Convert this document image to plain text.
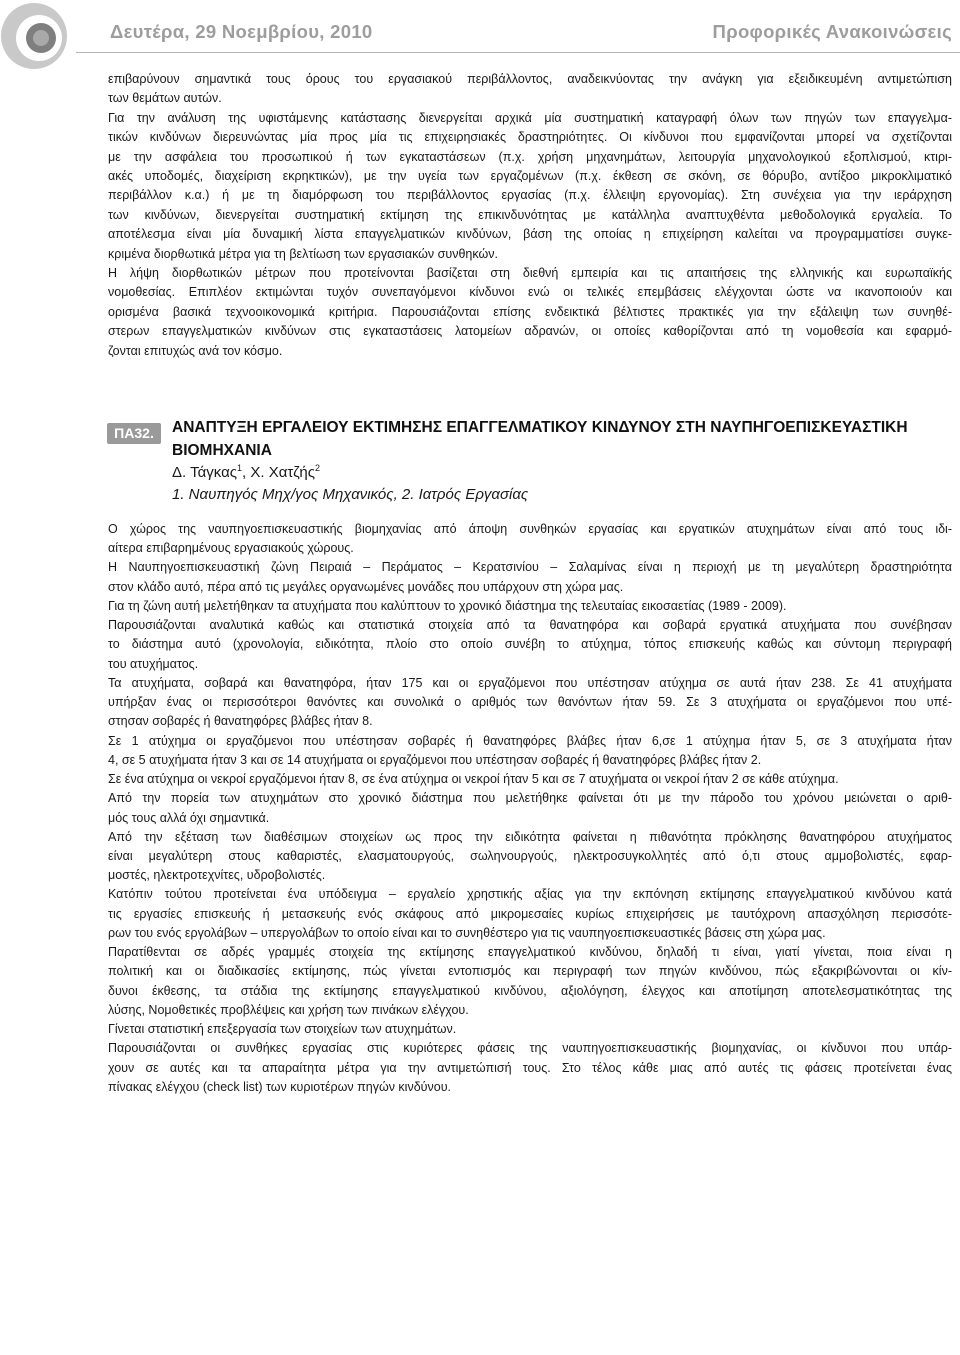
Δευτέρα, 29 Νοεμβρίου, 2010	Προφορικές Ανακοινώσεις
επιβαρύνουν σημαντικά τους όρους του εργασιακού περιβάλλοντος, αναδεικνύοντας την ανάγκη για εξειδικευμένη αντιμετώπιση
των θεμάτων αυτών.
Για την ανάλυση της υφιστάμενης κατάστασης διενεργείται αρχικά μία συστηματική καταγραφή όλων των πηγών των επαγγελμα-
τικών κινδύνων διερευνώντας μία προς μία τις επιχειρησιακές δραστηριότητες. Οι κίνδυνοι που εμφανίζονται μπορεί να σχετίζονται
με την ασφάλεια του προσωπικού ή των εγκαταστάσεων (π.χ. χρήση μηχανημάτων, λειτουργία μηχανολογικού εξοπλισμού, κτιρι-
ακές υποδομές, διαχείριση εκρηκτικών), με την υγεία των εργαζομένων (π.χ. έκθεση σε σκόνη, σε θόρυβο, αντίξοο μικροκλιματικό
περιβάλλον κ.α.) ή με τη διαμόρφωση του περιβάλλοντος εργασίας (π.χ. έλλειψη εργονομίας). Στη συνέχεια για την ιεράρχηση
των κινδύνων, διενεργείται συστηματική εκτίμηση της επικινδυνότητας με κατάλληλα αναπτυχθέντα μεθοδολογικά εργαλεία. Το
αποτέλεσμα είναι μία δυναμική λίστα επαγγελματικών κινδύνων, βάση της οποίας η επιχείρηση καλείται να προγραμματίσει συγκε-
κριμένα διορθωτικά μέτρα για τη βελτίωση των εργασιακών συνθηκών.
Η λήψη διορθωτικών μέτρων που προτείνονται βασίζεται στη διεθνή εμπειρία και τις απαιτήσεις της ελληνικής και ευρωπαϊκής
νομοθεσίας. Επιπλέον εκτιμώνται τυχόν συνεπαγόμενοι κίνδυνοι ενώ οι τελικές επεμβάσεις ελέγχονται ώστε να ικανοποιούν και
ορισμένα βασικά τεχνοοικονομικά κριτήρια. Παρουσιάζονται επίσης ενδεικτικά βέλτιστες πρακτικές για την εξάλειψη των συνηθέ-
στερων επαγγελματικών κινδύνων στις εγκαταστάσεις λατομείων αδρανών, οι οποίες καθορίζονται από τη νομοθεσία και εφαρμό-
ζονται επιτυχώς ανά τον κόσμο.
ΠΑ32.	ΑΝΑΠΤΥΞΗ ΕΡΓΑΛΕΙΟΥ ΕΚΤΙΜΗΣΗΣ ΕΠΑΓΓΕΛΜΑΤΙΚΟΥ ΚΙΝΔΥΝΟΥ ΣΤΗ ΝΑΥΠΗΓΟΕΠΙΣΚΕΥΑΣΤΙΚΗ ΒΙΟΜΗΧΑΝΙΑ
Δ. Τάγκας$^1$, Χ. Χατζής$^2$
1. Ναυπηγός Μηχ/γος Μηχανικός, 2. Ιατρός Εργασίας
Ο χώρος της ναυπηγοεπισκευαστικής βιομηχανίας από άποψη συνθηκών εργασίας και εργατικών ατυχημάτων είναι από τους ιδι-
αίτερα επιβαρημένους εργασιακούς χώρους.
Η Ναυπηγοεπισκευαστική ζώνη Πειραιά – Περάματος – Κερατσινίου – Σαλαμίνας είναι η περιοχή με τη μεγαλύτερη δραστηριότητα
στον κλάδο αυτό, πέρα από τις μεγάλες οργανωμένες μονάδες που υπάρχουν στη χώρα μας.
Για τη ζώνη αυτή μελετήθηκαν τα ατυχήματα που καλύπτουν το χρονικό διάστημα της τελευταίας εικοσαετίας (1989 - 2009).
Παρουσιάζονται αναλυτικά καθώς και στατιστικά στοιχεία από τα θανατηφόρα και σοβαρά εργατικά ατυχήματα που συνέβησαν
το διάστημα αυτό (χρονολογία, ειδικότητα, πλοίο στο οποίο συνέβη το ατύχημα, τόπος επισκευής καθώς και σύντομη περιγραφή
του ατυχήματος.
Τα ατυχήματα, σοβαρά και θανατηφόρα, ήταν 175 και οι εργαζόμενοι που υπέστησαν ατύχημα σε αυτά ήταν 238. Σε 41 ατυχήματα
υπήρξαν ένας οι περισσότεροι θανόντες και συνολικά ο αριθμός των θανόντων ήταν 59. Σε 3 ατυχήματα οι εργαζόμενοι που υπέ-
στησαν σοβαρές ή θανατηφόρες βλάβες ήταν 8.
Σε 1 ατύχημα οι εργαζόμενοι που υπέστησαν σοβαρές ή θανατηφόρες βλάβες ήταν 6,σε 1 ατύχημα ήταν 5, σε 3 ατυχήματα ήταν
4, σε 5 ατυχήματα ήταν 3 και σε 14 ατυχήματα οι εργαζόμενοι που υπέστησαν σοβαρές ή θανατηφόρες βλάβες ήταν 2.
Σε ένα ατύχημα οι νεκροί εργαζόμενοι ήταν 8, σε ένα ατύχημα οι νεκροί ήταν 5 και σε 7 ατυχήματα οι νεκροί ήταν 2 σε κάθε ατύχημα.
Από την πορεία των ατυχημάτων στο χρονικό διάστημα που μελετήθηκε φαίνεται ότι με την πάροδο του χρόνου μειώνεται ο αριθ-
μός τους αλλά όχι σημαντικά.
Από την εξέταση των διαθέσιμων στοιχείων ως προς την ειδικότητα φαίνεται η πιθανότητα πρόκλησης θανατηφόρου ατυχήματος
είναι μεγαλύτερη στους καθαριστές, ελασματουργούς, σωληνουργούς, ηλεκτροσυγκολλητές από ό,τι στους αμμοβολιστές, εφαρ-
μοστές, ηλεκτροτεχνίτες, υδροβολιστές.
Κατόπιν τούτου προτείνεται ένα υπόδειγμα – εργαλείο χρηστικής αξίας για την εκπόνηση εκτίμησης επαγγελματικού κινδύνου κατά
τις εργασίες επισκευής ή μετασκευής ενός σκάφους από μικρομεσαίες κυρίως επιχειρήσεις με ταυτόχρονη απασχόληση περισσότε-
ρων του ενός εργολάβων – υπεργολάβων το οποίο είναι και το συνηθέστερο για τις ναυπηγοεπισκευαστικές βάσεις στη χώρα μας.
Παρατίθενται σε αδρές γραμμές στοιχεία της εκτίμησης επαγγελματικού κινδύνου, δηλαδή τι είναι, γιατί γίνεται, ποια είναι η
πολιτική και οι διαδικασίες εκτίμησης, πώς γίνεται εντοπισμός και περιγραφή των πηγών κινδύνου, πώς εξακριβώνονται οι κίν-
δυνοι έκθεσης, τα στάδια της εκτίμησης επαγγελματικού κινδύνου, αξιολόγηση, έλεγχος και αποτίμηση αποτελεσματικότητας της
λύσης, Νομοθετικές προβλέψεις και χρήση των πινάκων ελέγχου.
Γίνεται στατιστική επεξεργασία των στοιχείων των ατυχημάτων.
Παρουσιάζονται οι συνθήκες εργασίας στις κυριότερες φάσεις της ναυπηγοεπισκευαστικής βιομηχανίας, οι κίνδυνοι που υπάρ-
χουν σε αυτές και τα απαραίτητα μέτρα για την αντιμετώπισή τους. Στο τέλος κάθε μιας από αυτές τις φάσεις προτείνεται ένας
πίνακας ελέγχου (check list) των κυριοτέρων πηγών κινδύνου.
